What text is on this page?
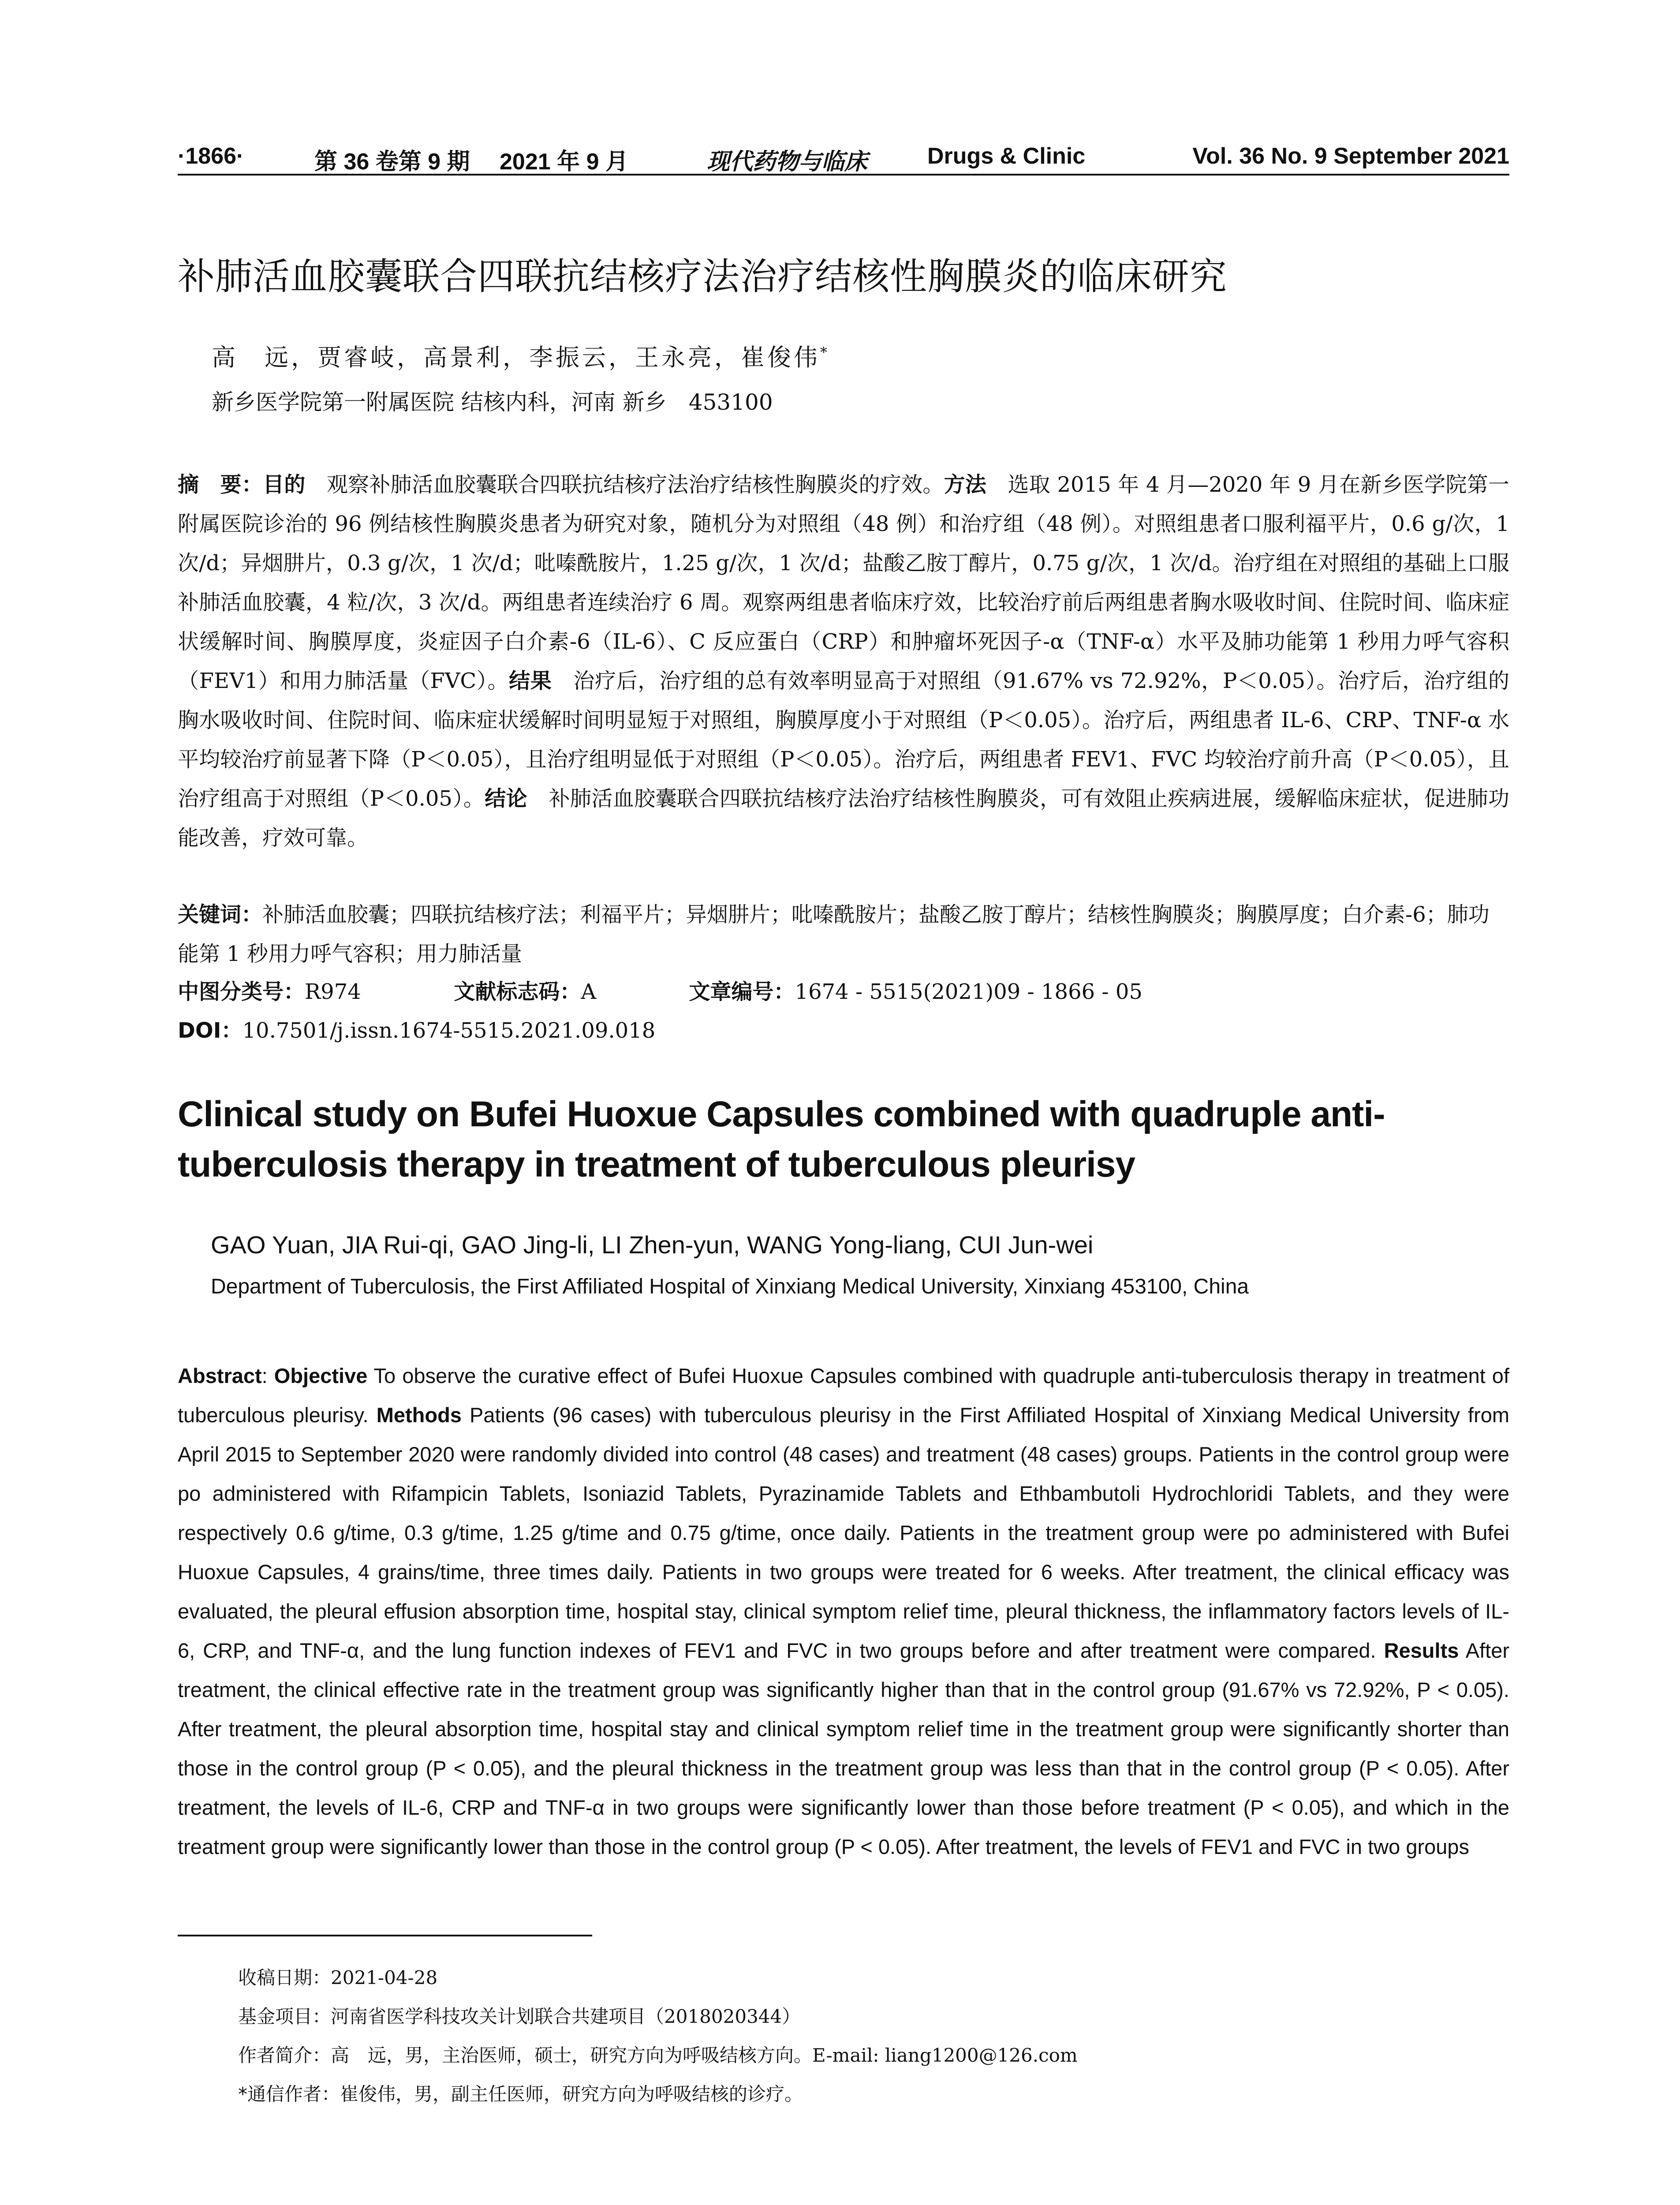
·1866·	第 36 卷第 9 期 2021 年 9 月	现代药物与临床	Drugs & Clinic	Vol. 36 No. 9 September 2021
补肺活血胶囊联合四联抗结核疗法治疗结核性胸膜炎的临床研究
高　远，贾睿岐，高景利，李振云，王永亮，崔俊伟*
新乡医学院第一附属医院 结核内科，河南 新乡　453100

摘　要：目的　观察补肺活血胶囊联合四联抗结核疗法治疗结核性胸膜炎的疗效。方法　选取 2015 年 4 月—2020 年 9 月在新乡医学院第一附属医院诊治的 96 例结核性胸膜炎患者为研究对象，随机分为对照组（48 例）和治疗组（48 例）。对照组患者口服利福平片，0.6 g/次，1 次/d；异烟肼片，0.3 g/次，1 次/d；吡嗪酰胺片，1.25 g/次，1 次/d；盐酸乙胺丁醇片，0.75 g/次，1 次/d。治疗组在对照组的基础上口服补肺活血胶囊，4 粒/次，3 次/d。两组患者连续治疗 6 周。观察两组患者临床疗效，比较治疗前后两组患者胸水吸收时间、住院时间、临床症状缓解时间、胸膜厚度，炎症因子白介素-6（IL-6）、C 反应蛋白（CRP）和肿瘤坏死因子-α（TNF-α）水平及肺功能第 1 秒用力呼气容积（FEV1）和用力肺活量（FVC）。结果　治疗后，治疗组的总有效率明显高于对照组（91.67% vs 72.92%，P＜0.05）。治疗后，治疗组的胸水吸收时间、住院时间、临床症状缓解时间明显短于对照组，胸膜厚度小于对照组（P＜0.05）。治疗后，两组患者 IL-6、CRP、TNF-α 水平均较治疗前显著下降（P＜0.05），且治疗组明显低于对照组（P＜0.05）。治疗后，两组患者 FEV1、FVC 均较治疗前升高（P＜0.05），且治疗组高于对照组（P＜0.05）。结论　补肺活血胶囊联合四联抗结核疗法治疗结核性胸膜炎，可有效阻止疾病进展，缓解临床症状，促进肺功能改善，疗效可靠。

关键词：补肺活血胶囊；四联抗结核疗法；利福平片；异烟肼片；吡嗪酰胺片；盐酸乙胺丁醇片；结核性胸膜炎；胸膜厚度；白介素-6；肺功能第 1 秒用力呼气容积；用力肺活量

中图分类号：R974	文献标志码：A	文章编号：1674 - 5515(2021)09 - 1866 - 05
DOI：10.7501/j.issn.1674-5515.2021.09.018

Clinical study on Bufei Huoxue Capsules combined with quadruple anti-tuberculosis therapy in treatment of tuberculous pleurisy

GAO Yuan, JIA Rui-qi, GAO Jing-li, LI Zhen-yun, WANG Yong-liang, CUI Jun-wei
Department of Tuberculosis, the First Affiliated Hospital of Xinxiang Medical University, Xinxiang 453100, China

Abstract: Objective To observe the curative effect of Bufei Huoxue Capsules combined with quadruple anti-tuberculosis therapy in treatment of tuberculous pleurisy. Methods Patients (96 cases) with tuberculous pleurisy in the First Affiliated Hospital of Xinxiang Medical University from April 2015 to September 2020 were randomly divided into control (48 cases) and treatment (48 cases) groups. Patients in the control group were po administered with Rifampicin Tablets, Isoniazid Tablets, Pyrazinamide Tablets and Ethbambutoli Hydrochloridi Tablets, and they were respectively 0.6 g/time, 0.3 g/time, 1.25 g/time and 0.75 g/time, once daily. Patients in the treatment group were po administered with Bufei Huoxue Capsules, 4 grains/time, three times daily. Patients in two groups were treated for 6 weeks. After treatment, the clinical efficacy was evaluated, the pleural effusion absorption time, hospital stay, clinical symptom relief time, pleural thickness, the inflammatory factors levels of IL-6, CRP, and TNF-α, and the lung function indexes of FEV1 and FVC in two groups before and after treatment were compared. Results After treatment, the clinical effective rate in the treatment group was significantly higher than that in the control group (91.67% vs 72.92%, P < 0.05). After treatment, the pleural absorption time, hospital stay and clinical symptom relief time in the treatment group were significantly shorter than those in the control group (P < 0.05), and the pleural thickness in the treatment group was less than that in the control group (P < 0.05). After treatment, the levels of IL-6, CRP and TNF-α in two groups were significantly lower than those before treatment (P < 0.05), and which in the treatment group were significantly lower than those in the control group (P < 0.05). After treatment, the levels of FEV1 and FVC in two groups

收稿日期：2021-04-28
基金项目：河南省医学科技攻关计划联合共建项目（2018020344）
作者简介：高　远，男，主治医师，硕士，研究方向为呼吸结核方向。E-mail: liang1200@126.com
*通信作者：崔俊伟，男，副主任医师，研究方向为呼吸结核的诊疗。
